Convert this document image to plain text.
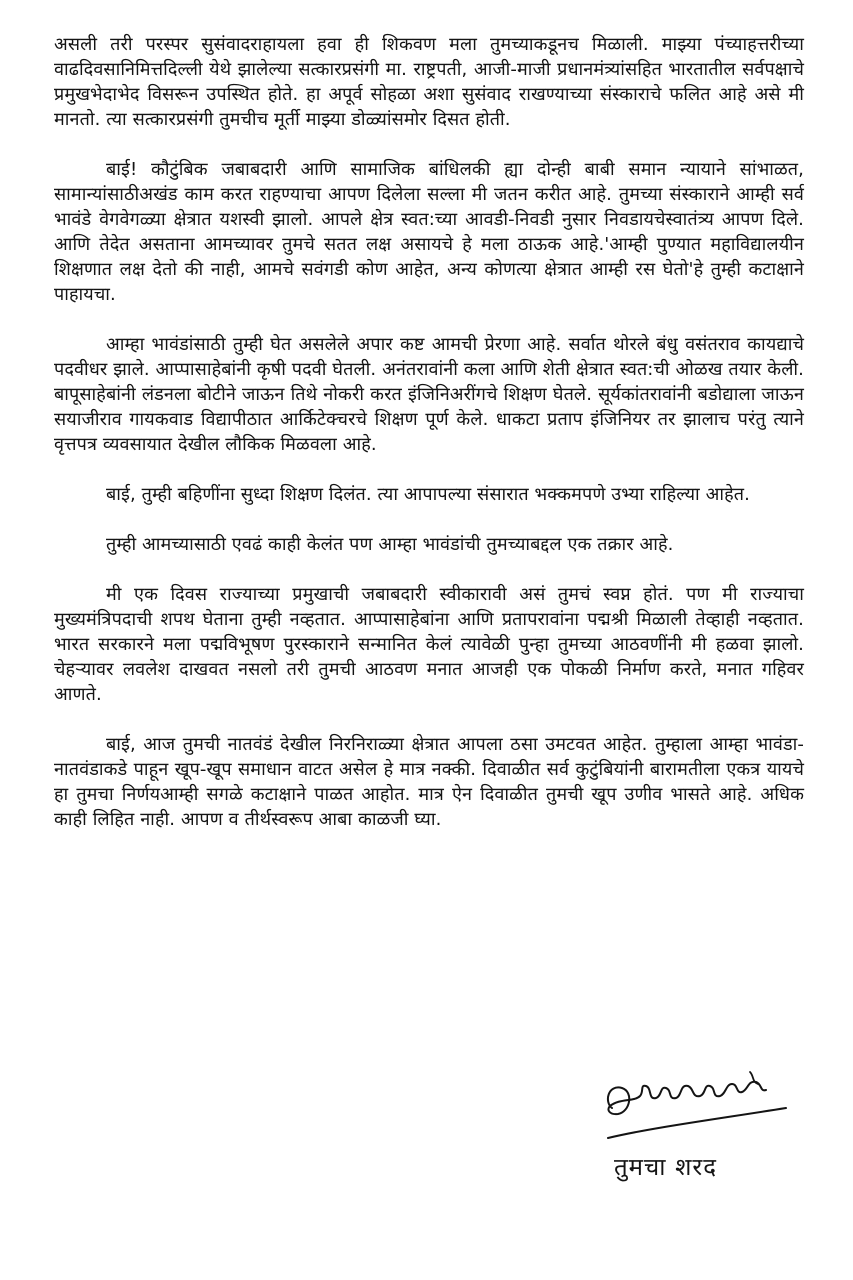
असली तरी परस्पर सुसंवादराहायला हवा ही शिकवण मला तुमच्याकडूनच मिळाली. माझ्या पंच्याहत्तरीच्या वाढदिवसानिमित्तदिल्ली येथे झालेल्या सत्कारप्रसंगी मा. राष्ट्रपती, आजी-माजी प्रधानमंत्र्यांसहित भारतातील सर्वपक्षाचे प्रमुखभेदाभेद विसरून उपस्थित होते. हा अपूर्व सोहळा अशा सुसंवाद राखण्याच्या संस्काराचे फलित आहे असे मी मानतो. त्या सत्कारप्रसंगी तुमचीच मूर्ती माझ्या डोळ्यांसमोर दिसत होती.

बाई! कौटुंबिक जबाबदारी आणि सामाजिक बांधिलकी ह्या दोन्ही बाबी समान न्यायाने सांभाळत, सामान्यांसाठीअखंड काम करत राहण्याचा आपण दिलेला सल्ला मी जतन करीत आहे. तुमच्या संस्काराने आम्ही सर्व भावंडे वेगवेगळ्या क्षेत्रात यशस्वी झालो. आपले क्षेत्र स्वत:च्या आवडी-निवडी नुसार निवडायचेस्वातंत्र्य आपण दिले. आणि तेदेत असताना आमच्यावर तुमचे सतत लक्ष असायचे हे मला ठाऊक आहे.'आम्ही पुण्यात महाविद्यालयीन शिक्षणात लक्ष देतो की नाही, आमचे सवंगडी कोण आहेत, अन्य कोणत्या क्षेत्रात आम्ही रस घेतो'हे तुम्ही कटाक्षाने पाहायचा.

आम्हा भावंडांसाठी तुम्ही घेत असलेले अपार कष्ट आमची प्रेरणा आहे. सर्वात थोरले बंधु वसंतराव कायद्याचे पदवीधर झाले. आप्पासाहेबांनी कृषी पदवी घेतली. अनंतरावांनी कला आणि शेती क्षेत्रात स्वत:ची ओळख तयार केली. बापूसाहेबांनी लंडनला बोटीने जाऊन तिथे नोकरी करत इंजिनिअरींगचे शिक्षण घेतले. सूर्यकांतरावांनी बडोद्याला जाऊन सयाजीराव गायकवाड विद्यापीठात आर्किटेक्चरचे शिक्षण पूर्ण केले. धाकटा प्रताप इंजिनियर तर झालाच परंतु त्याने वृत्तपत्र व्यवसायात देखील लौकिक मिळवला आहे.

बाई, तुम्ही बहिणींना सुध्दा शिक्षण दिलंत. त्या आपापल्या संसारात भक्कमपणे उभ्या राहिल्या आहेत.

तुम्ही आमच्यासाठी एवढं काही केलंत पण आम्हा भावंडांची तुमच्याबद्दल एक तक्रार आहे.

मी एक दिवस राज्याच्या प्रमुखाची जबाबदारी स्वीकारावी असं तुमचं स्वप्न होतं. पण मी राज्याचा मुख्यमंत्रिपदाची शपथ घेताना तुम्ही नव्हतात. आप्पासाहेबांना आणि प्रतापरावांना पद्मश्री मिळाली तेव्हाही नव्हतात. भारत सरकारने मला पद्मविभूषण पुरस्काराने सन्मानित केलं त्यावेळी पुन्हा तुमच्या आठवणींनी मी हळवा झालो. चेहऱ्यावर लवलेश दाखवत नसलो तरी तुमची आठवण मनात आजही एक पोकळी निर्माण करते, मनात गहिवर आणते.

बाई, आज तुमची नातवंडं देखील निरनिराळ्या क्षेत्रात आपला ठसा उमटवत आहेत. तुम्हाला आम्हा भावंडा-नातवंडाकडे पाहून खूप-खूप समाधान वाटत असेल हे मात्र नक्की. दिवाळीत सर्व कुटुंबियांनी बारामतीला एकत्र यायचे हा तुमचा निर्णयआम्ही सगळे कटाक्षाने पाळत आहोत. मात्र ऐन दिवाळीत तुमची खूप उणीव भासते आहे. अधिक काही लिहित नाही. आपण व तीर्थस्वरूप आबा काळजी घ्या.

तुमचा शरद
